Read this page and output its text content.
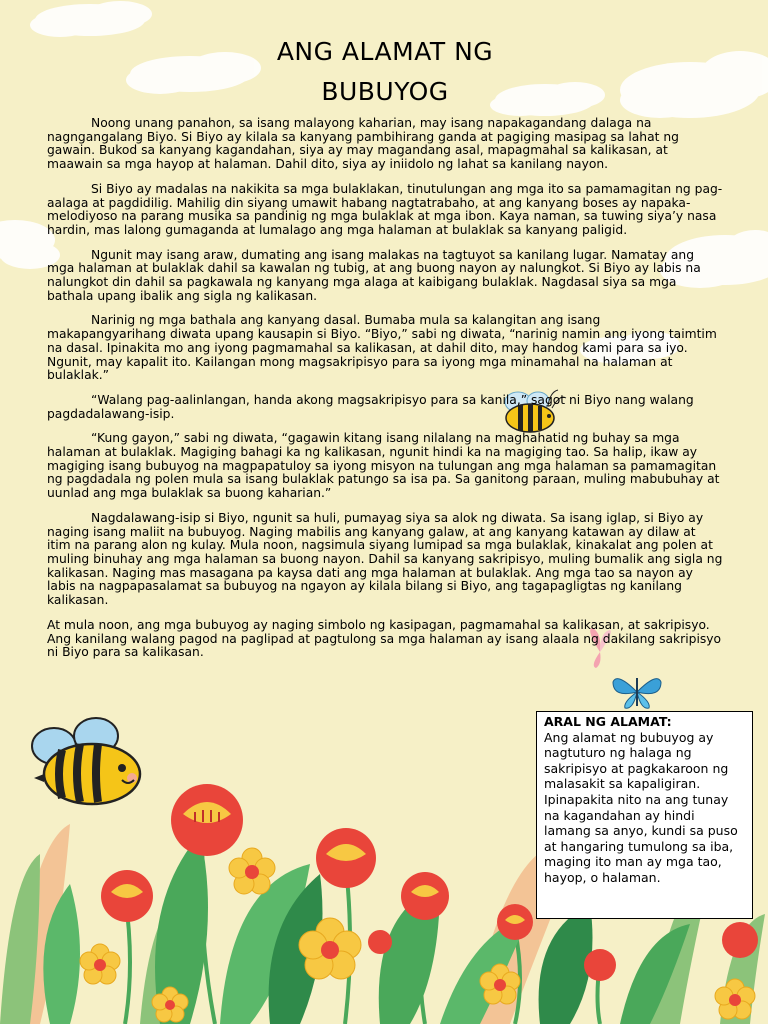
ANG ALAMAT NG
BUBUYOG

Noong unang panahon, sa isang malayong kaharian, may isang napakagandang dalaga na nagngangalang Biyo. Si Biyo ay kilala sa kanyang pambihirang ganda at pagiging masipag sa lahat ng gawain. Bukod sa kanyang kagandahan, siya ay may magandang asal, mapagmahal sa kalikasan, at maawain sa mga hayop at halaman. Dahil dito, siya ay iniidolo ng lahat sa kanilang nayon.

Si Biyo ay madalas na nakikita sa mga bulaklakan, tinutulungan ang mga ito sa pamamagitan ng pag-aalaga at pagdidilig. Mahilig din siyang umawit habang nagtatrabaho, at ang kanyang boses ay napaka-melodiyoso na parang musika sa pandinig ng mga bulaklak at mga ibon. Kaya naman, sa tuwing siya’y nasa hardin, mas lalong gumaganda at lumalago ang mga halaman at bulaklak sa kanyang paligid.

Ngunit may isang araw, dumating ang isang malakas na tagtuyot sa kanilang lugar. Namatay ang mga halaman at bulaklak dahil sa kawalan ng tubig, at ang buong nayon ay nalungkot. Si Biyo ay labis na nalungkot din dahil sa pagkawala ng kanyang mga alaga at kaibigang bulaklak. Nagdasal siya sa mga bathala upang ibalik ang sigla ng kalikasan.

Narinig ng mga bathala ang kanyang dasal. Bumaba mula sa kalangitan ang isang makapangyarihang diwata upang kausapin si Biyo. “Biyo,” sabi ng diwata, “narinig namin ang iyong taimtim na dasal. Ipinakita mo ang iyong pagmamahal sa kalikasan, at dahil dito, may handog kami para sa iyo. Ngunit, may kapalit ito. Kailangan mong magsakripisyo para sa iyong mga minamahal na halaman at bulaklak.”

“Walang pag-aalinlangan, handa akong magsakripisyo para sa kanila,” sagot ni Biyo nang walang pagdadalawang-isip.

“Kung gayon,” sabi ng diwata, “gagawin kitang isang nilalang na maghahatid ng buhay sa mga halaman at bulaklak. Magiging bahagi ka ng kalikasan, ngunit hindi ka na magiging tao. Sa halip, ikaw ay magiging isang bubuyog na magpapatuloy sa iyong misyon na tulungan ang mga halaman sa pamamagitan ng pagdadala ng polen mula sa isang bulaklak patungo sa isa pa. Sa ganitong paraan, muling mabubuhay at uunlad ang mga bulaklak sa buong kaharian.”

Nagdalawang-isip si Biyo, ngunit sa huli, pumayag siya sa alok ng diwata. Sa isang iglap, si Biyo ay naging isang maliit na bubuyog. Naging mabilis ang kanyang galaw, at ang kanyang katawan ay dilaw at itim na parang alon ng kulay. Mula noon, nagsimula siyang lumipad sa mga bulaklak, kinakalat ang polen at muling binuhay ang mga halaman sa buong nayon. Dahil sa kanyang sakripisyo, muling bumalik ang sigla ng kalikasan. Naging mas masagana pa kaysa dati ang mga halaman at bulaklak. Ang mga tao sa nayon ay labis na nagpapasalamat sa bubuyog na ngayon ay kilala bilang si Biyo, ang tagapagligtas ng kanilang kalikasan.

At mula noon, ang mga bubuyog ay naging simbolo ng kasipagan, pagmamahal sa kalikasan, at sakripisyo. Ang kanilang walang pagod na paglipad at pagtulong sa mga halaman ay isang alaala ng dakilang sakripisyo ni Biyo para sa kalikasan.

ARAL NG ALAMAT:
Ang alamat ng bubuyog ay nagtuturo ng halaga ng sakripisyo at pagkakaroon ng malasakit sa kapaligiran. Ipinapakita nito na ang tunay na kagandahan ay hindi lamang sa anyo, kundi sa puso at hangaring tumulong sa iba, maging ito man ay mga tao, hayop, o halaman.
